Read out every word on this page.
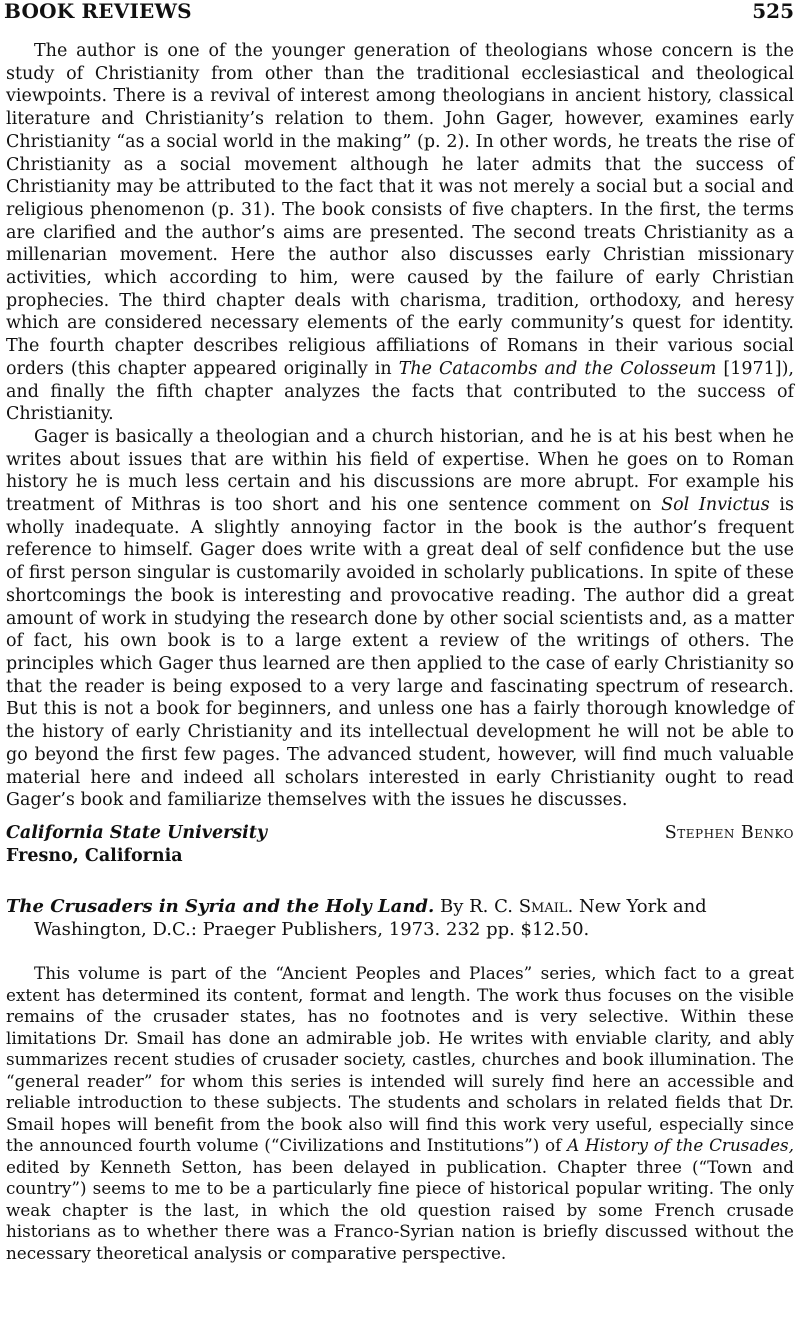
BOOK REVIEWS	525

The author is one of the younger generation of theologians whose concern is the study of Christianity from other than the traditional ecclesiastical and theological viewpoints. There is a revival of interest among theologians in ancient history, classical literature and Christianity’s relation to them. John Gager, however, examines early Christianity “as a social world in the making” (p. 2). In other words, he treats the rise of Christianity as a social movement although he later admits that the success of Christianity may be attributed to the fact that it was not merely a social but a social and religious phenomenon (p. 31). The book consists of five chapters. In the first, the terms are clarified and the author’s aims are presented. The second treats Christianity as a millenarian movement. Here the author also discusses early Christian missionary activities, which according to him, were caused by the failure of early Christian prophecies. The third chapter deals with charisma, tradition, orthodoxy, and heresy which are considered necessary elements of the early community’s quest for identity. The fourth chapter describes religious affiliations of Romans in their various social orders (this chapter appeared originally in The Catacombs and the Colosseum [1971]), and finally the fifth chapter analyzes the facts that contributed to the success of Christianity.

Gager is basically a theologian and a church historian, and he is at his best when he writes about issues that are within his field of expertise. When he goes on to Roman history he is much less certain and his discussions are more abrupt. For example his treatment of Mithras is too short and his one sentence comment on Sol Invictus is wholly inadequate. A slightly annoying factor in the book is the author’s frequent reference to himself. Gager does write with a great deal of self confidence but the use of first person singular is customarily avoided in scholarly publications. In spite of these shortcomings the book is interesting and provocative reading. The author did a great amount of work in studying the research done by other social scientists and, as a matter of fact, his own book is to a large extent a review of the writings of others. The principles which Gager thus learned are then applied to the case of early Christianity so that the reader is being exposed to a very large and fascinating spectrum of research. But this is not a book for beginners, and unless one has a fairly thorough knowledge of the history of early Christianity and its intellectual development he will not be able to go beyond the first few pages. The advanced student, however, will find much valuable material here and indeed all scholars interested in early Christianity ought to read Gager’s book and familiarize themselves with the issues he discusses.

California State University
Fresno, California
Stephen Benko
The Crusaders in Syria and the Holy Land. By R. C. Smail. New York and Washington, D.C.: Praeger Publishers, 1973. 232 pp. $12.50.

This volume is part of the “Ancient Peoples and Places” series, which fact to a great extent has determined its content, format and length. The work thus focuses on the visible remains of the crusader states, has no footnotes and is very selective. Within these limitations Dr. Smail has done an admirable job. He writes with enviable clarity, and ably summarizes recent studies of crusader society, castles, churches and book illumination. The “general reader” for whom this series is intended will surely find here an accessible and reliable introduction to these subjects. The students and scholars in related fields that Dr. Smail hopes will benefit from the book also will find this work very useful, especially since the announced fourth volume (“Civilizations and Institutions”) of A History of the Crusades, edited by Kenneth Setton, has been delayed in publication. Chapter three (“Town and country”) seems to me to be a particularly fine piece of historical popular writing. The only weak chapter is the last, in which the old question raised by some French crusade historians as to whether there was a Franco-Syrian nation is briefly discussed without the necessary theoretical analysis or comparative perspective.
